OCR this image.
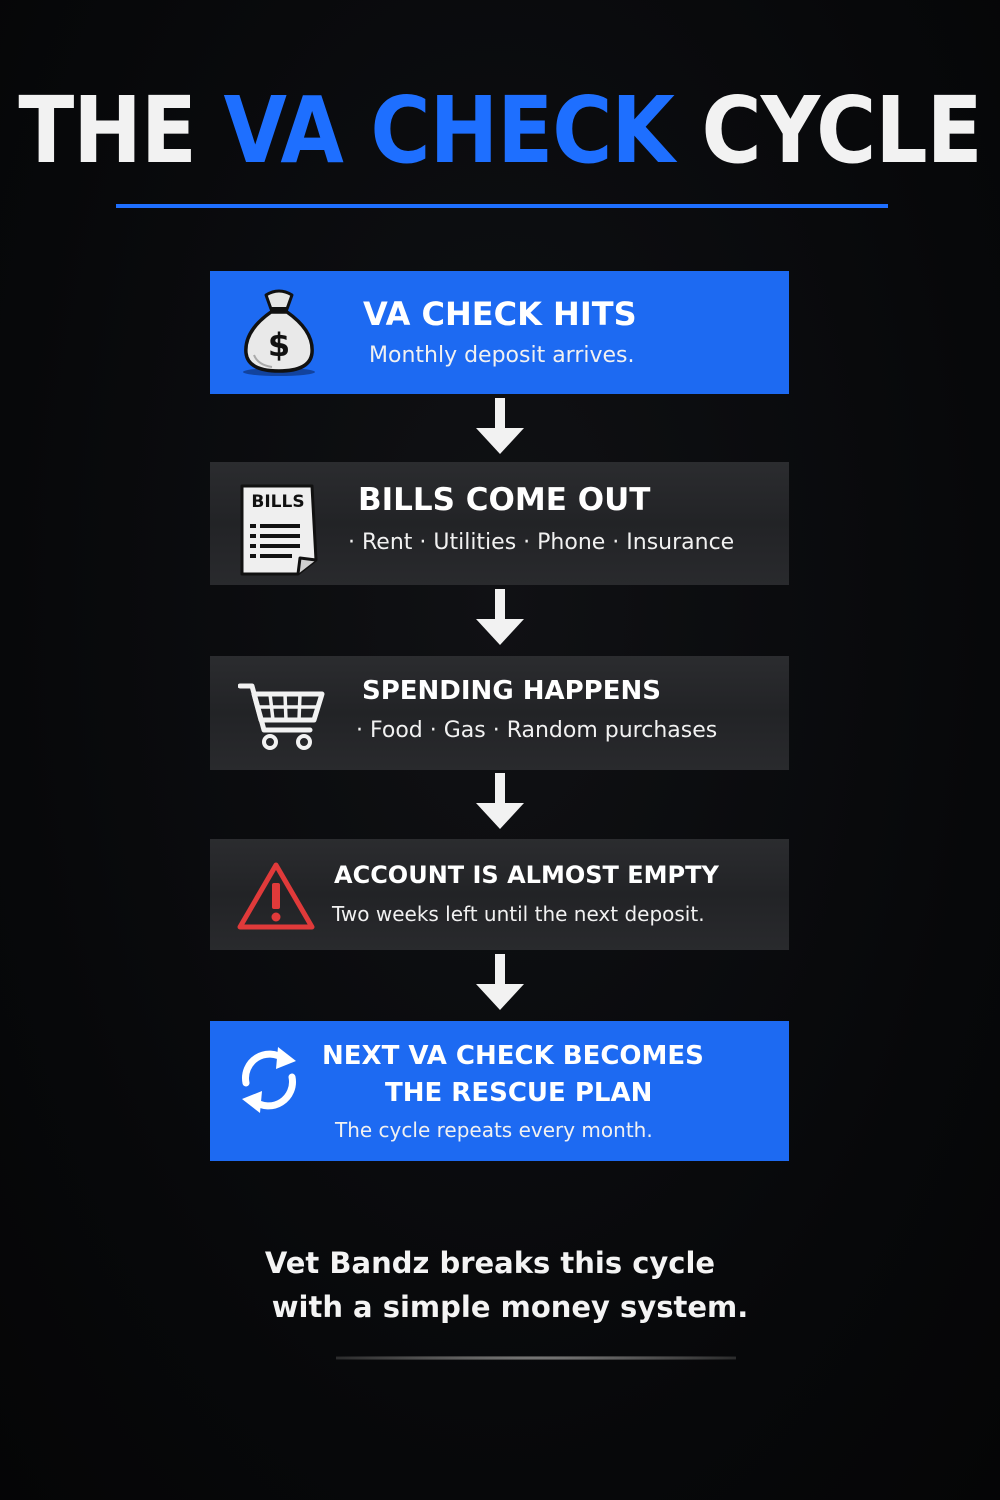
THE VA CHECK CYCLE
$
VA CHECK HITS
Monthly deposit arrives.
BILLS BILLS COME OUT
· Rent · Utilities · Phone · Insurance
SPENDING HAPPENS
· Food · Gas · Random purchases
ACCOUNT IS ALMOST EMPTY
Two weeks left until the next deposit.
NEXT VA CHECK BECOMES
THE RESCUE PLAN
The cycle repeats every month.
Vet Bandz breaks this cycle
with a simple money system.
